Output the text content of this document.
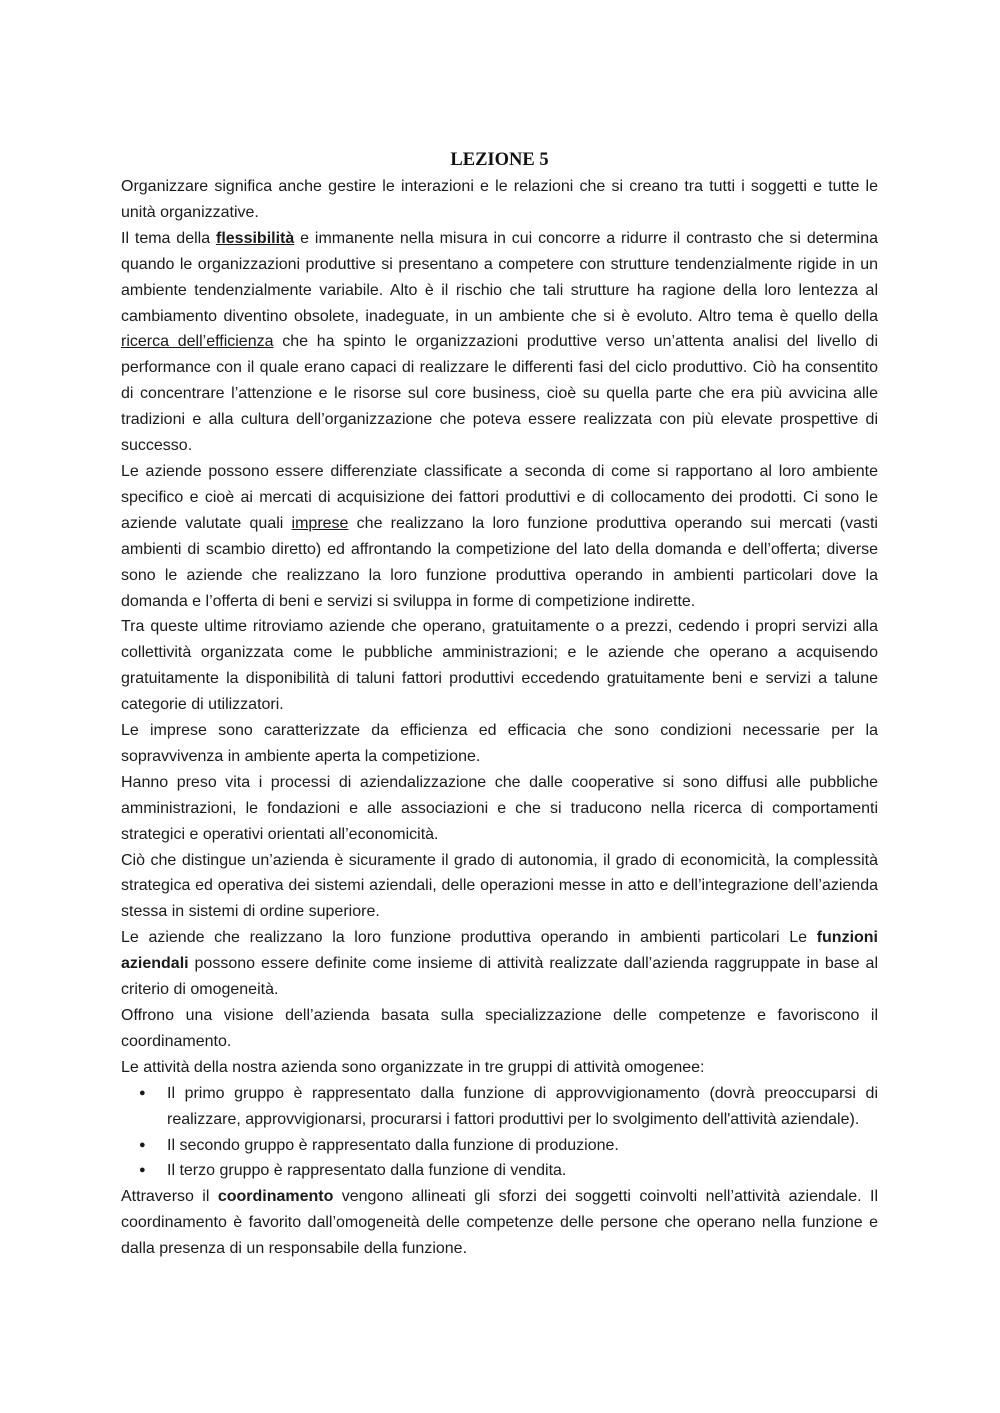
LEZIONE 5

Organizzare significa anche gestire le interazioni e le relazioni che si creano tra tutti i soggetti e tutte le unità organizzative.

Il tema della flessibilità e immanente nella misura in cui concorre a ridurre il contrasto che si determina quando le organizzazioni produttive si presentano a competere con strutture tendenzialmente rigide in un ambiente tendenzialmente variabile. Alto è il rischio che tali strutture ha ragione della loro lentezza al cambiamento diventino obsolete, inadeguate, in un ambiente che si è evoluto. Altro tema è quello della ricerca dell’efficienza che ha spinto le organizzazioni produttive verso un’attenta analisi del livello di performance con il quale erano capaci di realizzare le differenti fasi del ciclo produttivo. Ciò ha consentito di concentrare l’attenzione e le risorse sul core business, cioè su quella parte che era più avvicina alle tradizioni e alla cultura dell’organizzazione che poteva essere realizzata con più elevate prospettive di successo.

Le aziende possono essere differenziate classificate a seconda di come si rapportano al loro ambiente specifico e cioè ai mercati di acquisizione dei fattori produttivi e di collocamento dei prodotti. Ci sono le aziende valutate quali imprese che realizzano la loro funzione produttiva operando sui mercati (vasti ambienti di scambio diretto) ed affrontando la competizione del lato della domanda e dell’offerta; diverse sono le aziende che realizzano la loro funzione produttiva operando in ambienti particolari dove la domanda e l’offerta di beni e servizi si sviluppa in forme di competizione indirette.

Tra queste ultime ritroviamo aziende che operano, gratuitamente o a prezzi, cedendo i propri servizi alla collettività organizzata come le pubbliche amministrazioni; e le aziende che operano a acquisendo gratuitamente la disponibilità di taluni fattori produttivi eccedendo gratuitamente beni e servizi a talune categorie di utilizzatori.

Le imprese sono caratterizzate da efficienza ed efficacia che sono condizioni necessarie per la sopravvivenza in ambiente aperta la competizione.

Hanno preso vita i processi di aziendalizzazione che dalle cooperative si sono diffusi alle pubbliche amministrazioni, le fondazioni e alle associazioni e che si traducono nella ricerca di comportamenti strategici e operativi orientati all’economicità.

Ciò che distingue un’azienda è sicuramente il grado di autonomia, il grado di economicità, la complessità strategica ed operativa dei sistemi aziendali, delle operazioni messe in atto e dell’integrazione dell’azienda stessa in sistemi di ordine superiore.

Le aziende che realizzano la loro funzione produttiva operando in ambienti particolari Le funzioni aziendali possono essere definite come insieme di attività realizzate dall’azienda raggruppate in base al criterio di omogeneità.

Offrono una visione dell’azienda basata sulla specializzazione delle competenze e favoriscono il coordinamento.

Le attività della nostra azienda sono organizzate in tre gruppi di attività omogenee:

● Il primo gruppo è rappresentato dalla funzione di approvvigionamento (dovrà preoccuparsi di realizzare, approvvigionarsi, procurarsi i fattori produttivi per lo svolgimento dell'attività aziendale).
● Il secondo gruppo è rappresentato dalla funzione di produzione.
● Il terzo gruppo è rappresentato dalla funzione di vendita.

Attraverso il coordinamento vengono allineati gli sforzi dei soggetti coinvolti nell’attività aziendale. Il coordinamento è favorito dall’omogeneità delle competenze delle persone che operano nella funzione e dalla presenza di un responsabile della funzione.
